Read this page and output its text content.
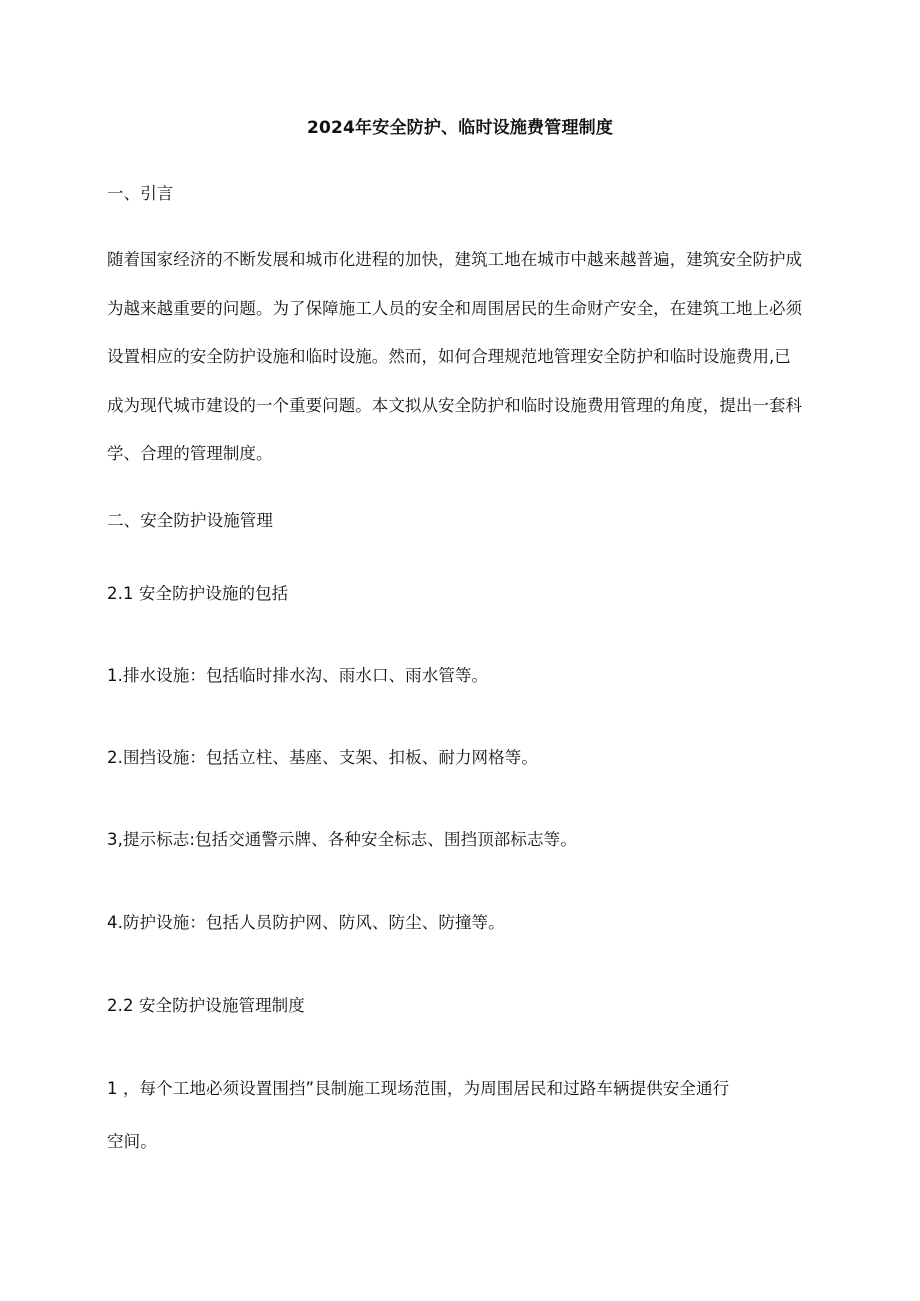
2024年安全防护、临时设施费管理制度
一、引言
随着国家经济的不断发展和城市化进程的加快，建筑工地在城市中越来越普遍，建筑安全防护成
为越来越重要的问题。为了保障施工人员的安全和周围居民的生命财产安全，在建筑工地上必须
设置相应的安全防护设施和临时设施。然而，如何合理规范地管理安全防护和临时设施费用,已
成为现代城市建设的一个重要问题。本文拟从安全防护和临时设施费用管理的角度，提出一套科
学、合理的管理制度。
二、安全防护设施管理
2.1 安全防护设施的包括
1.排水设施：包括临时排水沟、雨水口、雨水管等。
2.围挡设施：包括立柱、基座、支架、扣板、耐力网格等。
3,提示标志:包括交通警示牌、各种安全标志、围挡顶部标志等。
4.防护设施：包括人员防护网、防风、防尘、防撞等。
2.2 安全防护设施管理制度
1 ，每个工地必须设置围挡”艮制施工现场范围，为周围居民和过路车辆提供安全通行
空间。
